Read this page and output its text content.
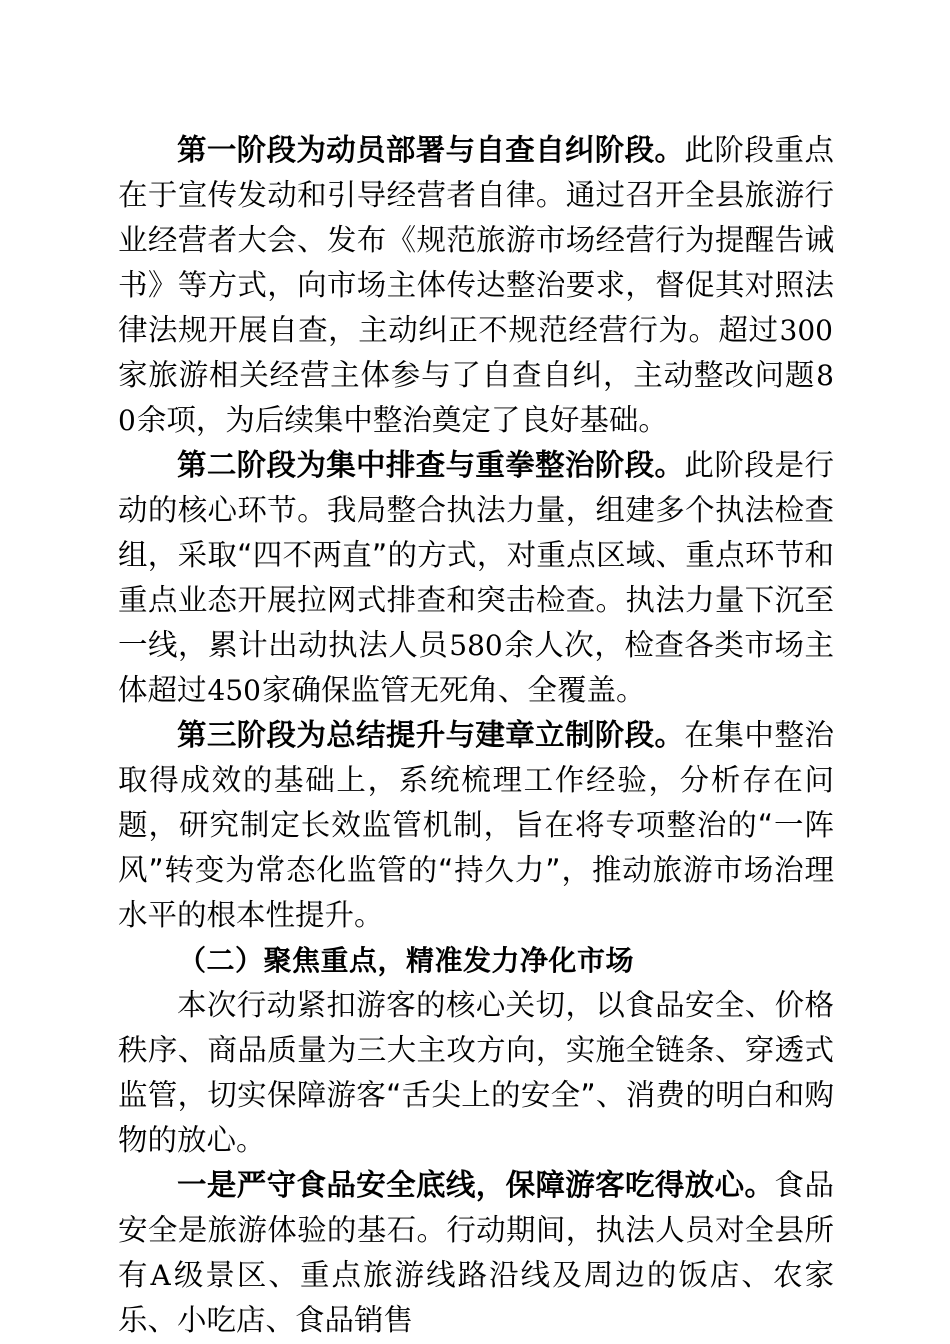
第一阶段为动员部署与自查自纠阶段。此阶段重点在于宣传发动和引导经营者自律。通过召开全县旅游行业经营者大会、发布《规范旅游市场经营行为提醒告诫书》等方式，向市场主体传达整治要求，督促其对照法律法规开展自查，主动纠正不规范经营行为。超过300家旅游相关经营主体参与了自查自纠，主动整改问题80余项，为后续集中整治奠定了良好基础。

第二阶段为集中排查与重拳整治阶段。此阶段是行动的核心环节。我局整合执法力量，组建多个执法检查组，采取“四不两直”的方式，对重点区域、重点环节和重点业态开展拉网式排查和突击检查。执法力量下沉至一线，累计出动执法人员580余人次，检查各类市场主体超过450家确保监管无死角、全覆盖。

第三阶段为总结提升与建章立制阶段。在集中整治取得成效的基础上，系统梳理工作经验，分析存在问题，研究制定长效监管机制，旨在将专项整治的“一阵风”转变为常态化监管的“持久力”，推动旅游市场治理水平的根本性提升。

（二）聚焦重点，精准发力净化市场

本次行动紧扣游客的核心关切，以食品安全、价格秩序、商品质量为三大主攻方向，实施全链条、穿透式监管，切实保障游客“舌尖上的安全”、消费的明白和购物的放心。

一是严守食品安全底线，保障游客吃得放心。食品安全是旅游体验的基石。行动期间，执法人员对全县所有A级景区、重点旅游线路沿线及周边的饭店、农家乐、小吃店、食品销售
